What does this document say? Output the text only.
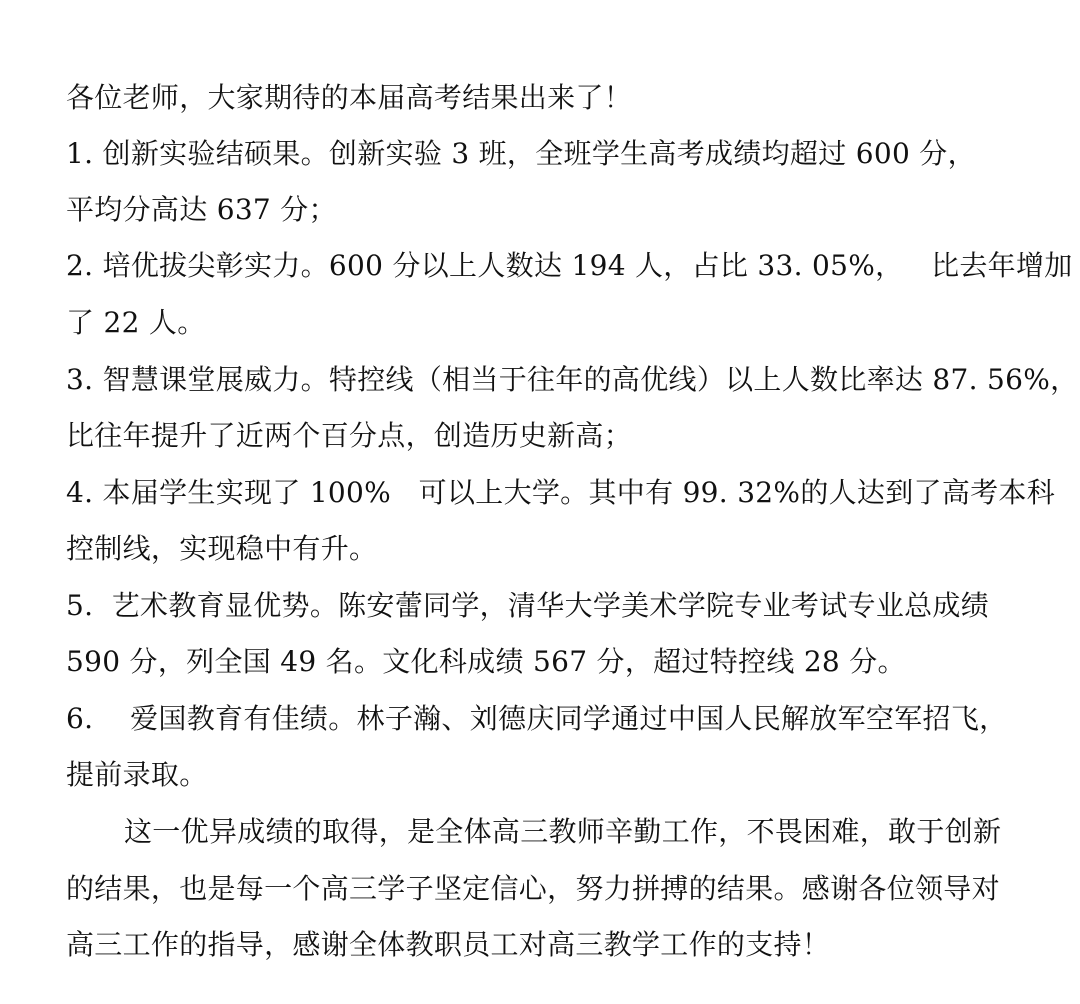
各位老师，大家期待的本届高考结果出来了！
1. 创新实验结硕果。创新实验 3 班，全班学生高考成绩均超过 600 分，
平均分高达 637 分；
2. 培优拔尖彰实力。600 分以上人数达 194 人，占比 33. 05%，   比去年增加
了 22 人。
3. 智慧课堂展威力。特控线（相当于往年的高优线）以上人数比率达 87. 56%，
比往年提升了近两个百分点，创造历史新高；
4. 本届学生实现了 100%   可以上大学。其中有 99. 32%的人达到了高考本科
控制线，实现稳中有升。
5.  艺术教育显优势。陈安蕾同学，清华大学美术学院专业考试专业总成绩
590 分，列全国 49 名。文化科成绩 567 分，超过特控线 28 分。
6.    爱国教育有佳绩。林子瀚、刘德庆同学通过中国人民解放军空军招飞，
提前录取。
这一优异成绩的取得，是全体高三教师辛勤工作，不畏困难，敢于创新
的结果，也是每一个高三学子坚定信心，努力拼搏的结果。感谢各位领导对
高三工作的指导，感谢全体教职员工对高三教学工作的支持！
